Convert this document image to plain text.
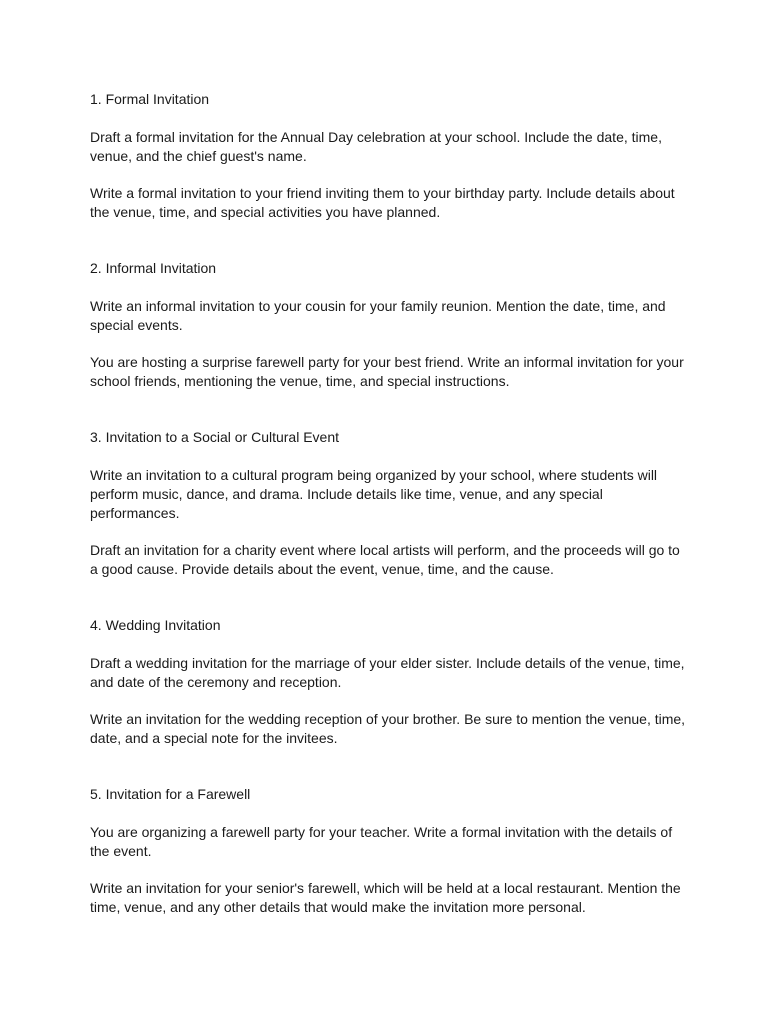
1. Formal Invitation

Draft a formal invitation for the Annual Day celebration at your school. Include the date, time, venue, and the chief guest's name.

Write a formal invitation to your friend inviting them to your birthday party. Include details about the venue, time, and special activities you have planned.

2. Informal Invitation

Write an informal invitation to your cousin for your family reunion. Mention the date, time, and special events.

You are hosting a surprise farewell party for your best friend. Write an informal invitation for your school friends, mentioning the venue, time, and special instructions.

3. Invitation to a Social or Cultural Event

Write an invitation to a cultural program being organized by your school, where students will perform music, dance, and drama. Include details like time, venue, and any special performances.

Draft an invitation for a charity event where local artists will perform, and the proceeds will go to a good cause. Provide details about the event, venue, time, and the cause.

4. Wedding Invitation

Draft a wedding invitation for the marriage of your elder sister. Include details of the venue, time, and date of the ceremony and reception.

Write an invitation for the wedding reception of your brother. Be sure to mention the venue, time, date, and a special note for the invitees.

5. Invitation for a Farewell

You are organizing a farewell party for your teacher. Write a formal invitation with the details of the event.

Write an invitation for your senior's farewell, which will be held at a local restaurant. Mention the time, venue, and any other details that would make the invitation more personal.
